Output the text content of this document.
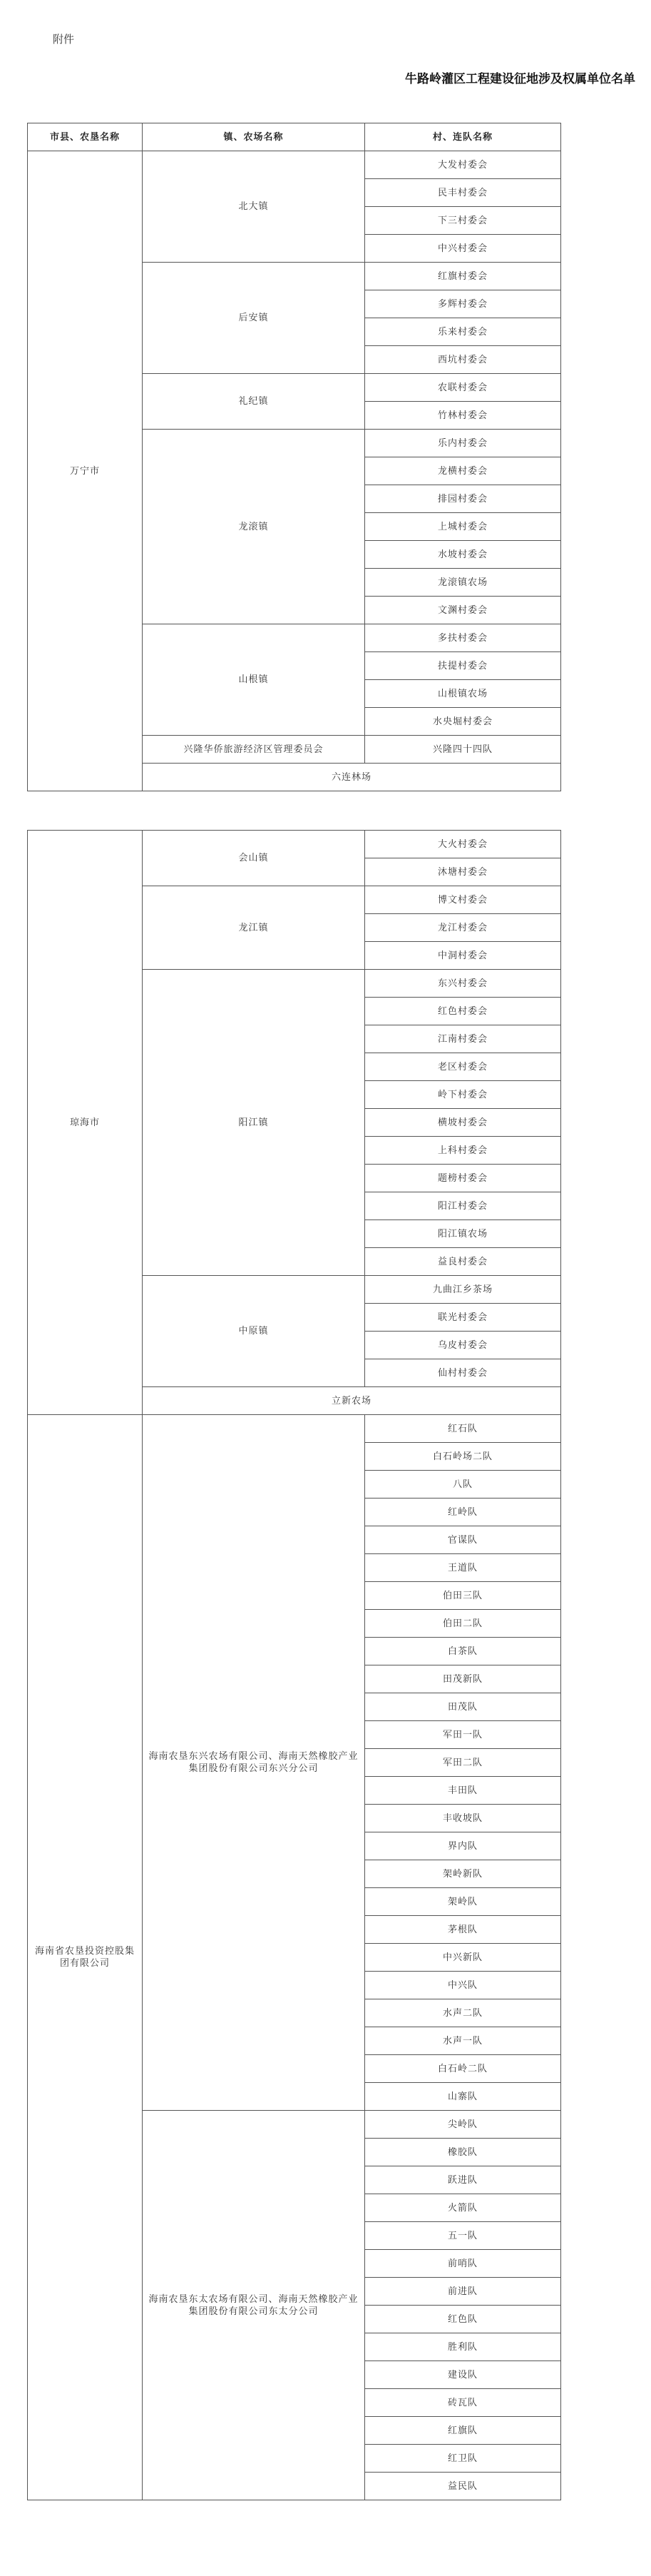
附件
牛路岭灌区工程建设征地涉及权属单位名单
市县、农垦名称	镇、农场名称	村、连队名称
万宁市	北大镇	大发村委会
		民丰村委会
		下三村委会
		中兴村委会
	后安镇	红旗村委会
		多辉村委会
		乐来村委会
		西坑村委会
	礼纪镇	农联村委会
		竹林村委会
	龙滚镇	乐内村委会
		龙横村委会
		排园村委会
		上城村委会
		水坡村委会
		龙滚镇农场
		文渊村委会
	山根镇	多扶村委会
		扶提村委会
		山根镇农场
		水央堀村委会
	兴隆华侨旅游经济区管理委员会	兴隆四十四队
	六连林场	
琼海市	会山镇	大火村委会
		沐塘村委会
	龙江镇	博文村委会
		龙江村委会
		中洞村委会
	阳江镇	东兴村委会
		红色村委会
		江南村委会
		老区村委会
		岭下村委会
		横坡村委会
		上科村委会
		题榜村委会
		阳江村委会
		阳江镇农场
		益良村委会
	中原镇	九曲江乡茶场
		联光村委会
		乌皮村委会
		仙村村委会
	立新农场	
海南省农垦投资控股集团有限公司	海南农垦东兴农场有限公司、海南天然橡胶产业集团股份有限公司东兴分公司	红石队
		白石岭场二队
		八队
		红岭队
		官谋队
		王道队
		伯田三队
		伯田二队
		白茶队
		田茂新队
		田茂队
		军田一队
		军田二队
		丰田队
		丰收坡队
		界内队
		架岭新队
		架岭队
		茅根队
		中兴新队
		中兴队
		水声二队
		水声一队
		白石岭二队
		山寨队
	海南农垦东太农场有限公司、海南天然橡胶产业集团股份有限公司东太分公司	尖岭队
		橡胶队
		跃进队
		火箭队
		五一队
		前哨队
		前进队
		红色队
		胜利队
		建设队
		砖瓦队
		红旗队
		红卫队
		益民队
